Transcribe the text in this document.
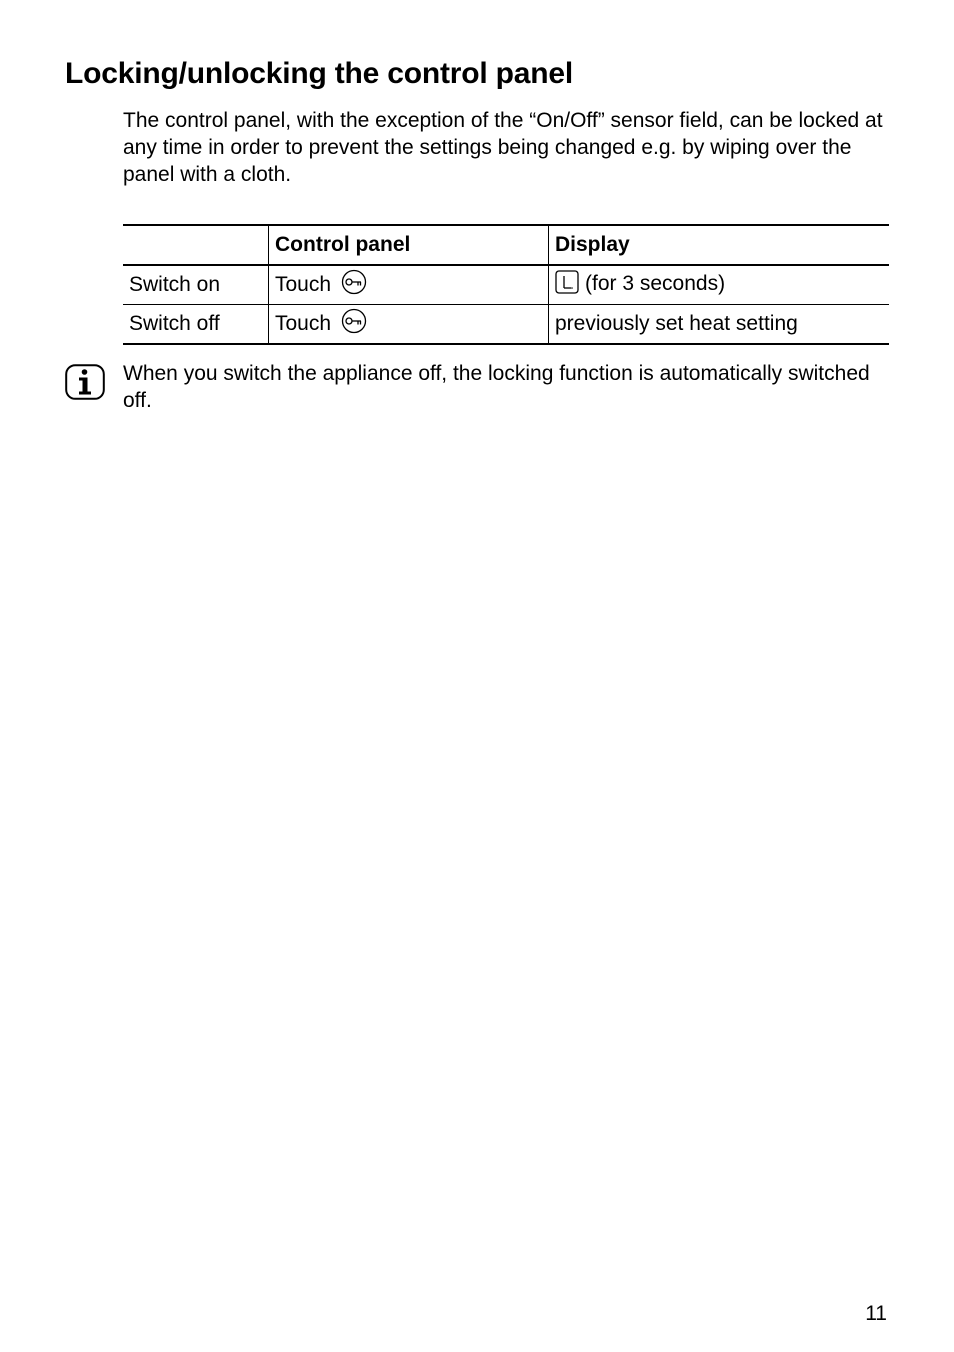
Locking/unlocking the control panel

The control panel, with the exception of the “On/Off” sensor field, can be locked at any time in order to prevent the settings being changed e.g. by wiping over the panel with a cloth.

	Control panel	Display
Switch on	Touch	(for 3 seconds)
Switch off	Touch	previously set heat setting

When you switch the appliance off, the locking function is automatically switched off.

11
